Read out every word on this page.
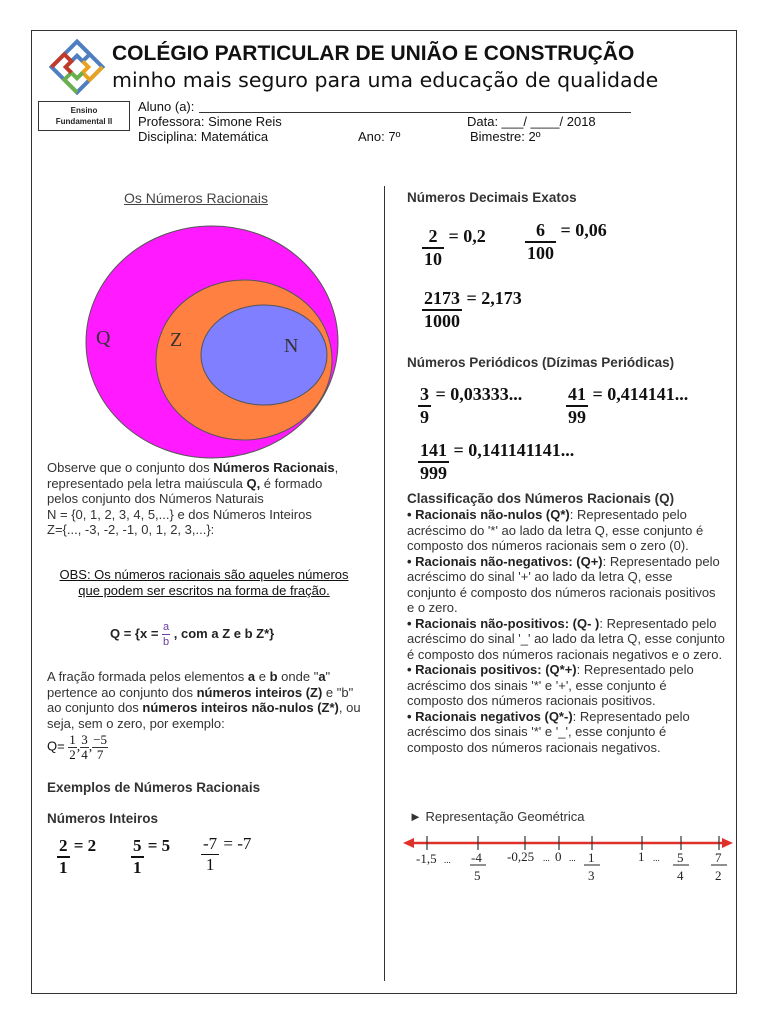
COLÉGIO PARTICULAR DE UNIÃO E CONSTRUÇÃO
minho mais seguro para uma educação de qualidade
Ensino
Fundamental II
Aluno (a):
Professora: Simone Reis	Data: ___/ ____/ 2018
Disciplina: Matemática	Ano: 7º	Bimestre: 2º
Os Números Racionais
Q	Z	N
Observe que o conjunto dos Números Racionais, representado pela letra maiúscula Q, é formado pelos conjunto dos Números Naturais
N = {0, 1, 2, 3, 4, 5,...} e dos Números Inteiros
Z={..., -3, -2, -1, 0, 1, 2, 3,...}:
OBS: Os números racionais são aqueles números que podem ser escritos na forma de fração.
$Q = \{x = \frac{a}{b}$ , com a Z e b Z*}
A fração formada pelos elementos a e b onde "a" pertence ao conjunto dos números inteiros (Z) e "b" ao conjunto dos números inteiros não-nulos (Z*), ou seja, sem o zero, por exemplo:
$Q= \frac{1}{2}$ , $\frac{3}{4}$ , $\frac{-5}{7}$
Exemplos de Números Racionais
Números Inteiros
$\frac{2}{1} = 2 \frac{5}{1} = 5 \frac{-7}{1} = -7$
Números Decimais Exatos
$\frac{2}{10} = 0,2 \frac{6}{100} = 0,06$
$\frac{2173}{1000} = 2,173$
Números Periódicos (Dízimas Periódicas)
$\frac{3}{9} = 0,03333$... $\frac{41}{99} = 0,414141$...
$\frac{141}{999} = 0,141141141$...
Classificação dos Números Racionais (Q)
• Racionais não-nulos (Q*): Representado pelo acréscimo do '*' ao lado da letra Q, esse conjunto é composto dos números racionais sem o zero (0).
• Racionais não-negativos: (Q+): Representado pelo acréscimo do sinal '+' ao lado da letra Q, esse conjunto é composto dos números racionais positivos e o zero.
• Racionais não-positivos: (Q- ): Representado pelo acréscimo do sinal '_' ao lado da letra Q, esse conjunto é composto dos números racionais negativos e o zero.
• Racionais positivos: (Q*+): Representado pelo acréscimo dos sinais '*' e '+', esse conjunto é composto dos números racionais positivos.
• Racionais negativos (Q*-): Representado pelo acréscimo dos sinais '*' e '_', esse conjunto é composto dos números racionais negativos.
► Representação Geométrica
-1,5 ...	-0,25 ... 0 ...	1 ...
-4
5
1
3
5
4
7
2
